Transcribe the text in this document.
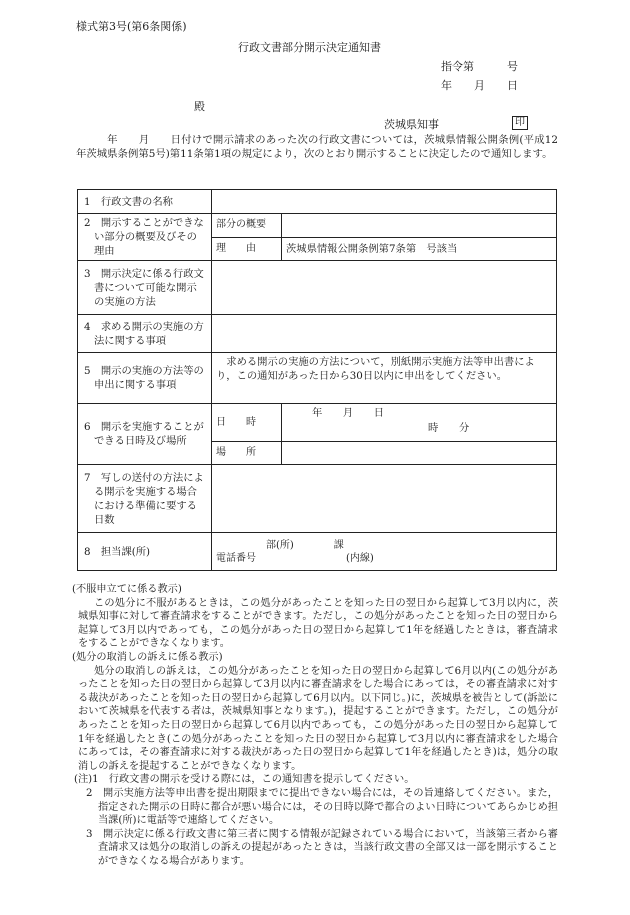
様式第3号(第6条関係)
行政文書部分開示決定通知書
指令第　　　号
年　　月　　日
殿
茨城県知事	印
　　年　　月　　日付けで開示請求のあった次の行政文書については，茨城県情報公開条例(平成12年茨城県条例第5号)第11条第1項の規定により，次のとおり開示することに決定したので通知します。
1　行政文書の名称		
2　開示することができない部分の概要及びその理由	部分の概要	
	理　　由	茨城県情報公開条例第7条第　号該当
3　開示決定に係る行政文書について可能な開示の実施の方法		
4　求める開示の実施の方法に関する事項		
5　開示の実施の方法等の申出に関する事項	　求める開示の実施の方法について，別紙開示実施方法等申出書により，この通知があった日から30日以内に申出をしてください。	
6　開示を実施することができる日時及び場所	日　　時	年　　月　　日
時　　分

	場　　所	
7　写しの送付の方法による開示を実施する場合における準備に要する日数		
8　担当課(所)	部(所)　　　　課
電話番号　　　　　　　　　(内線)	
(不服申立てに係る教示)
この処分に不服があるときは，この処分があったことを知った日の翌日から起算して3月以内に，茨城県知事に対して審査請求をすることができます。ただし，この処分があったことを知った日の翌日から起算して3月以内であっても，この処分があった日の翌日から起算して1年を経過したときは，審査請求をすることができなくなります。
(処分の取消しの訴えに係る教示)
処分の取消しの訴えは，この処分があったことを知った日の翌日から起算して6月以内(この処分があったことを知った日の翌日から起算して3月以内に審査請求をした場合にあっては，その審査請求に対する裁決があったことを知った日の翌日から起算して6月以内。以下同じ。)に，茨城県を被告として(訴訟において茨城県を代表する者は，茨城県知事となります。)，提起することができます。ただし，この処分があったことを知った日の翌日から起算して6月以内であっても，この処分があった日の翌日から起算して1年を経過したとき(この処分があったことを知った日の翌日から起算して3月以内に審査請求をした場合にあっては，その審査請求に対する裁決があった日の翌日から起算して1年を経過したとき)は，処分の取消しの訴えを提起することができなくなります。
(注)1　行政文書の開示を受ける際には，この通知書を提示してください。
2　開示実施方法等申出書を提出期限までに提出できない場合には，その旨連絡してください。また，指定された開示の日時に都合が悪い場合には，その日時以降で都合のよい日時についてあらかじめ担当課(所)に電話等で連絡してください。
3　開示決定に係る行政文書に第三者に関する情報が記録されている場合において，当該第三者から審査請求又は処分の取消しの訴えの提起があったときは，当該行政文書の全部又は一部を開示することができなくなる場合があります。
